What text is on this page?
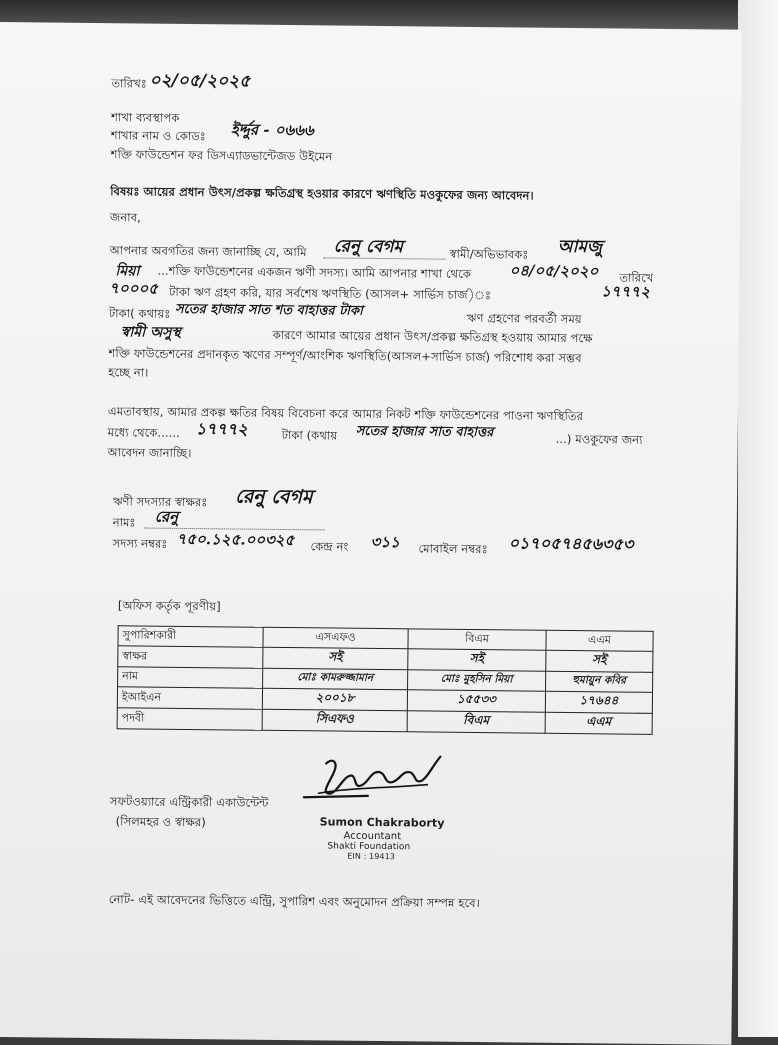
তারিখঃ ০২/০৫/২০২৫
শাখা ব্যবস্থাপক
শাখার নাম ও কোডঃ ইর্দ্দুর - ০৬৬৬
শক্তি ফাউন্ডেশন ফর ডিসএ্যাডভান্টেজড উইমেন
বিষয়ঃ আয়ের প্রধান উৎস/প্রকল্প ক্ষতিগ্রস্থ হওয়ার কারণে ঋণস্থিতি মওকুফের জন্য আবেদন।
জনাব,
আপনার অবগতির জন্য জানাচ্ছি যে, আমি রেনু বেগম	স্বামী/অভিভাবকঃ আমজু
মিয়া ...শক্তি ফাউন্ডেশনের একজন ঋণী সদস্য। আমি আপনার শাখা থেকে	০৪/০৫/২০২০ তারিখে
৭০০০৫ টাকা ঋণ গ্রহণ করি, যার সর্বশেষ ঋণস্থিতি (আসল+ সার্ভিস চার্জ)ঃ	১৭৭৭২
টাকা( কথায়ঃ সতের হাজার সাত শত বাহাত্তর টাকা	ঋণ গ্রহণের পরবর্তী সময়
স্বামী অসুস্থ	কারণে আমার আয়ের প্রধান উৎস/প্রকল্প ক্ষতিগ্রস্থ হওয়ায় আমার পক্ষে
শক্তি ফাউন্ডেশনের প্রদানকৃত ঋণের সম্পূর্ণ/আংশিক ঋণস্থিতি(আসল+সার্ভিস চার্জ) পরিশোধ করা সম্ভব
হচ্ছে না।
এমতাবস্থায়, আমার প্রকল্প ক্ষতির বিষয় বিবেচনা করে আমার নিকট শক্তি ফাউন্ডেশনের পাওনা ঋণস্থিতির
মধ্যে থেকে...... ১৭৭৭২	টাকা (কথায় সতের হাজার সাত বাহাত্তর	...) মওকুফের জন্য
আবেদন জানাচ্ছি।
ঋণী সদস্যার স্বাক্ষরঃ রেনু বেগম
নামঃ রেনু
সদস্য নম্বরঃ ৭৫০.১২৫.০০৩২৫ কেন্দ্র নং ৩১১ মোবাইল নম্বরঃ ০১৭০৫৭৪৫৬৩৫৩
[অফিস কর্তৃক পূরণীয়]
সুপারিশকারী	এসএফও	বিএম	এএম
স্বাক্ষর	সই	সই	সই
নাম	মোঃ কামরুজ্জামান	মোঃ মুহসিন মিয়া	হুমায়ুন কবির
ইআইএন	২০০১৮	১৫৫৩৩	১৭৬৪৪
পদবী	সিএফও	বিএম	এএম
সফটওয়্যারে এন্ট্রিকারী একাউন্টেন্ট
(সিলমহর ও স্বাক্ষর)	Sumon Chakraborty
Accountant
Shakti Foundation
EIN : 19413
নোট- এই আবেদনের ভিত্তিতে এন্ট্রি, সুপারিশ এবং অনুমোদন প্রক্রিয়া সম্পন্ন হবে।
